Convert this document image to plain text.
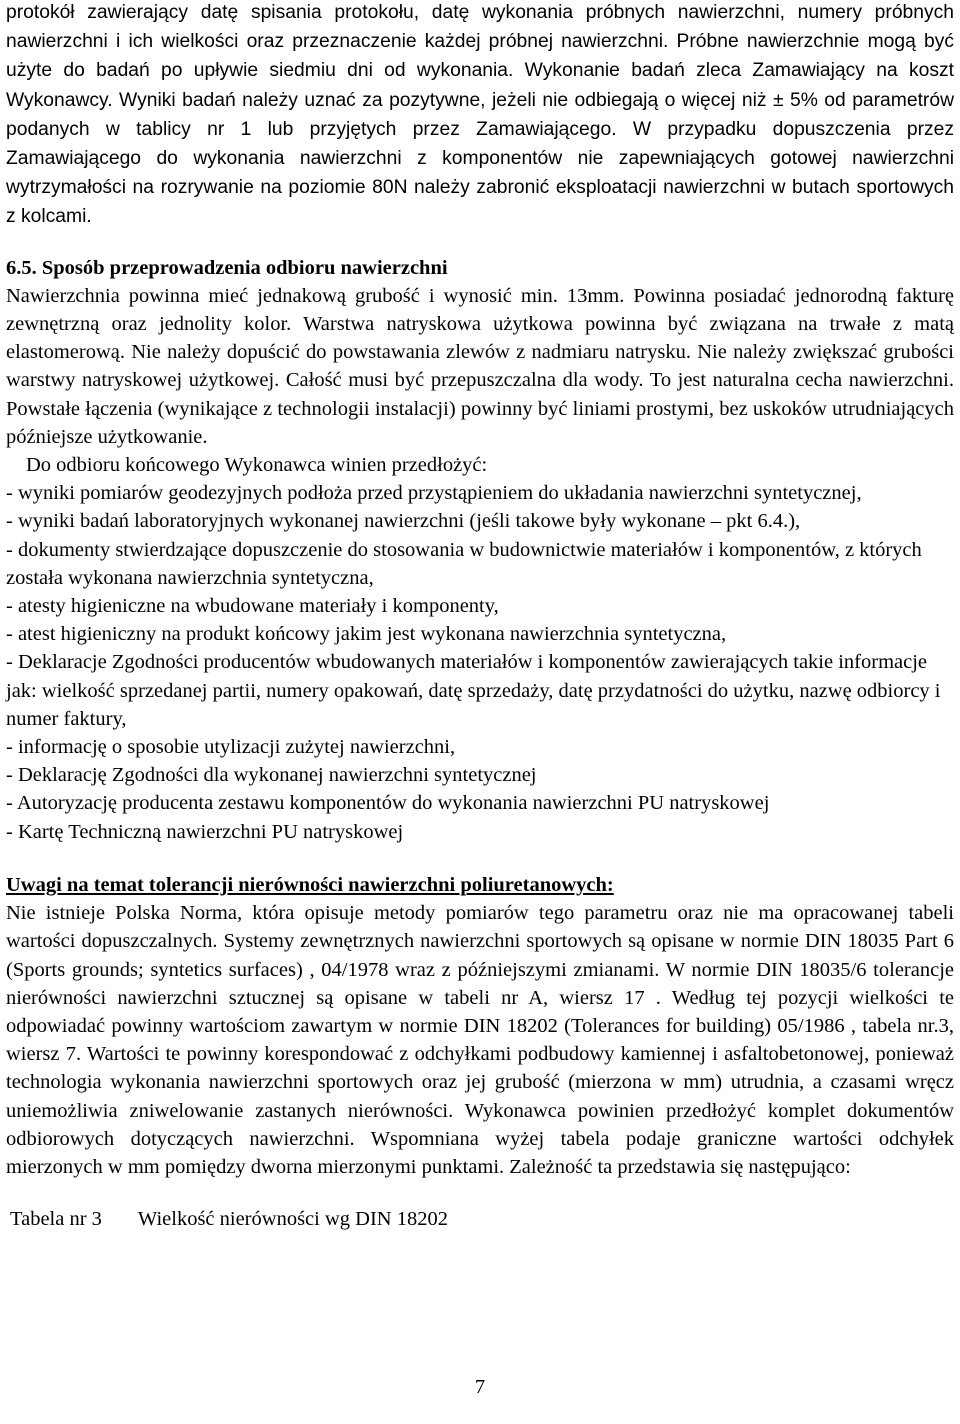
protokół zawierający datę spisania protokołu, datę wykonania próbnych nawierzchni, numery próbnych nawierzchni i ich wielkości oraz przeznaczenie każdej próbnej nawierzchni. Próbne nawierzchnie mogą być użyte do badań po upływie siedmiu dni od wykonania. Wykonanie badań zleca Zamawiający na koszt Wykonawcy. Wyniki badań należy uznać za pozytywne, jeżeli nie odbiegają o więcej niż ± 5% od parametrów podanych w tablicy nr 1 lub przyjętych przez Zamawiającego. W przypadku dopuszczenia przez Zamawiającego do wykonania nawierzchni z komponentów nie zapewniających gotowej nawierzchni wytrzymałości na rozrywanie na poziomie 80N należy zabronić eksploatacji nawierzchni w butach sportowych z kolcami.

6.5. Sposób przeprowadzenia odbioru nawierzchni

Nawierzchnia powinna mieć jednakową grubość i wynosić min. 13mm. Powinna posiadać jednorodną fakturę zewnętrzną oraz jednolity kolor. Warstwa natryskowa użytkowa powinna być związana na trwałe z matą elastomerową. Nie należy dopuścić do powstawania zlewów z nadmiaru natrysku. Nie należy zwiększać grubości warstwy natryskowej użytkowej. Całość musi być przepuszczalna dla wody. To jest naturalna cecha nawierzchni. Powstałe łączenia (wynikające z technologii instalacji) powinny być liniami prostymi, bez uskoków utrudniających późniejsze użytkowanie.

Do odbioru końcowego Wykonawca winien przedłożyć:

- wyniki pomiarów geodezyjnych podłoża przed przystąpieniem do układania nawierzchni syntetycznej,
- wyniki badań laboratoryjnych wykonanej nawierzchni (jeśli takowe były wykonane – pkt 6.4.),
- dokumenty stwierdzające dopuszczenie do stosowania w budownictwie materiałów i komponentów, z których została wykonana nawierzchnia syntetyczna,
- atesty higieniczne na wbudowane materiały i komponenty,
- atest higieniczny na produkt końcowy jakim jest wykonana nawierzchnia syntetyczna,
- Deklaracje Zgodności producentów wbudowanych materiałów i komponentów zawierających takie informacje jak: wielkość sprzedanej partii, numery opakowań, datę sprzedaży, datę przydatności do użytku, nazwę odbiorcy i numer faktury,
- informację o sposobie utylizacji zużytej nawierzchni,
- Deklarację Zgodności dla wykonanej nawierzchni syntetycznej
- Autoryzację producenta zestawu komponentów do wykonania nawierzchni PU natryskowej
- Kartę Techniczną nawierzchni PU natryskowej
Uwagi na temat tolerancji nierówności nawierzchni poliuretanowych:

Nie istnieje Polska Norma, która opisuje metody pomiarów tego parametru oraz nie ma opracowanej tabeli wartości dopuszczalnych. Systemy zewnętrznych nawierzchni sportowych są opisane w normie DIN 18035 Part 6 (Sports grounds; syntetics surfaces) , 04/1978 wraz z późniejszymi zmianami. W normie DIN 18035/6 tolerancje nierówności nawierzchni sztucznej są opisane w tabeli nr A, wiersz 17 . Według tej pozycji wielkości te odpowiadać powinny wartościom zawartym w normie DIN 18202 (Tolerances for building) 05/1986 , tabela nr.3, wiersz 7. Wartości te powinny korespondować z odchyłkami podbudowy kamiennej i asfaltobetonowej, ponieważ technologia wykonania nawierzchni sportowych oraz jej grubość (mierzona w mm) utrudnia, a czasami wręcz uniemożliwia zniwelowanie zastanych nierówności. Wykonawca powinien przedłożyć komplet dokumentów odbiorowych dotyczących nawierzchni. Wspomniana wyżej tabela podaje graniczne wartości odchyłek mierzonych w mm pomiędzy dworna mierzonymi punktami. Zależność ta przedstawia się następująco:

Tabela nr 3 Wielkość nierówności wg DIN 18202
7
